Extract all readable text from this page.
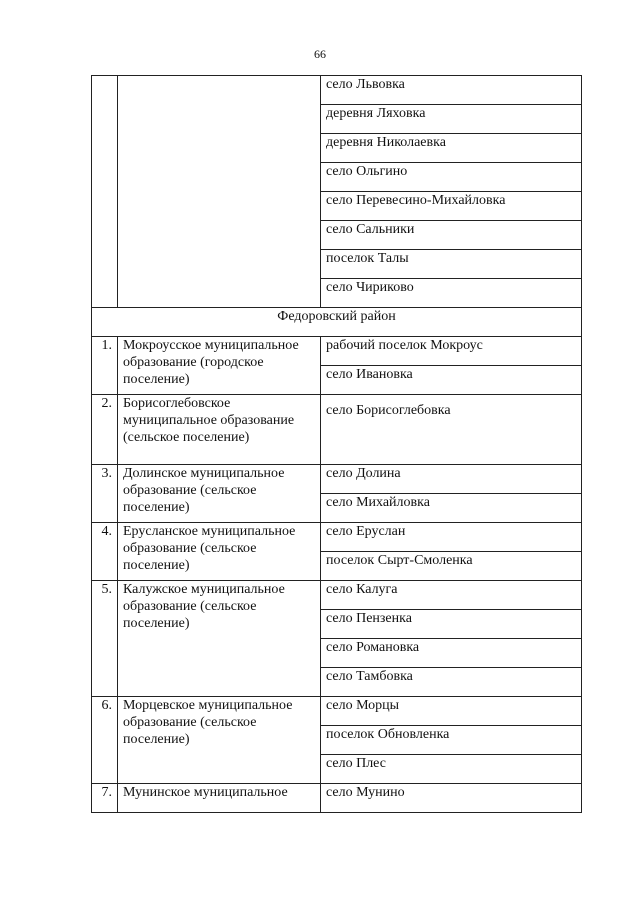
66
		село Львовка
		деревня Ляховка
		деревня Николаевка
		село Ольгино
		село Перевесино-Михайловка
		село Сальники
		поселок Талы
		село Чириково
Федоровский район		
1.	Мокроусское муниципальное образование (городское поселение)	рабочий поселок Мокроус
		село Ивановка
2.	Борисоглебовское муниципальное образование (сельское поселение)	село Борисоглебовка
3.	Долинское муниципальное образование (сельское поселение)	село Долина
		село Михайловка
4.	Еруcланское муниципальное образование (сельское поселение)	село Еруслан
		поселок Сырт-Смоленка
5.	Калужское муниципальное образование (сельское поселение)	село Калуга
		село Пензенка
		село Романовка
		село Тамбовка
6.	Морцевское муниципальное образование (сельское поселение)	село Морцы
		поселок Обновленка
		село Плес
7.	Мунинское муниципальное	село Мунино
